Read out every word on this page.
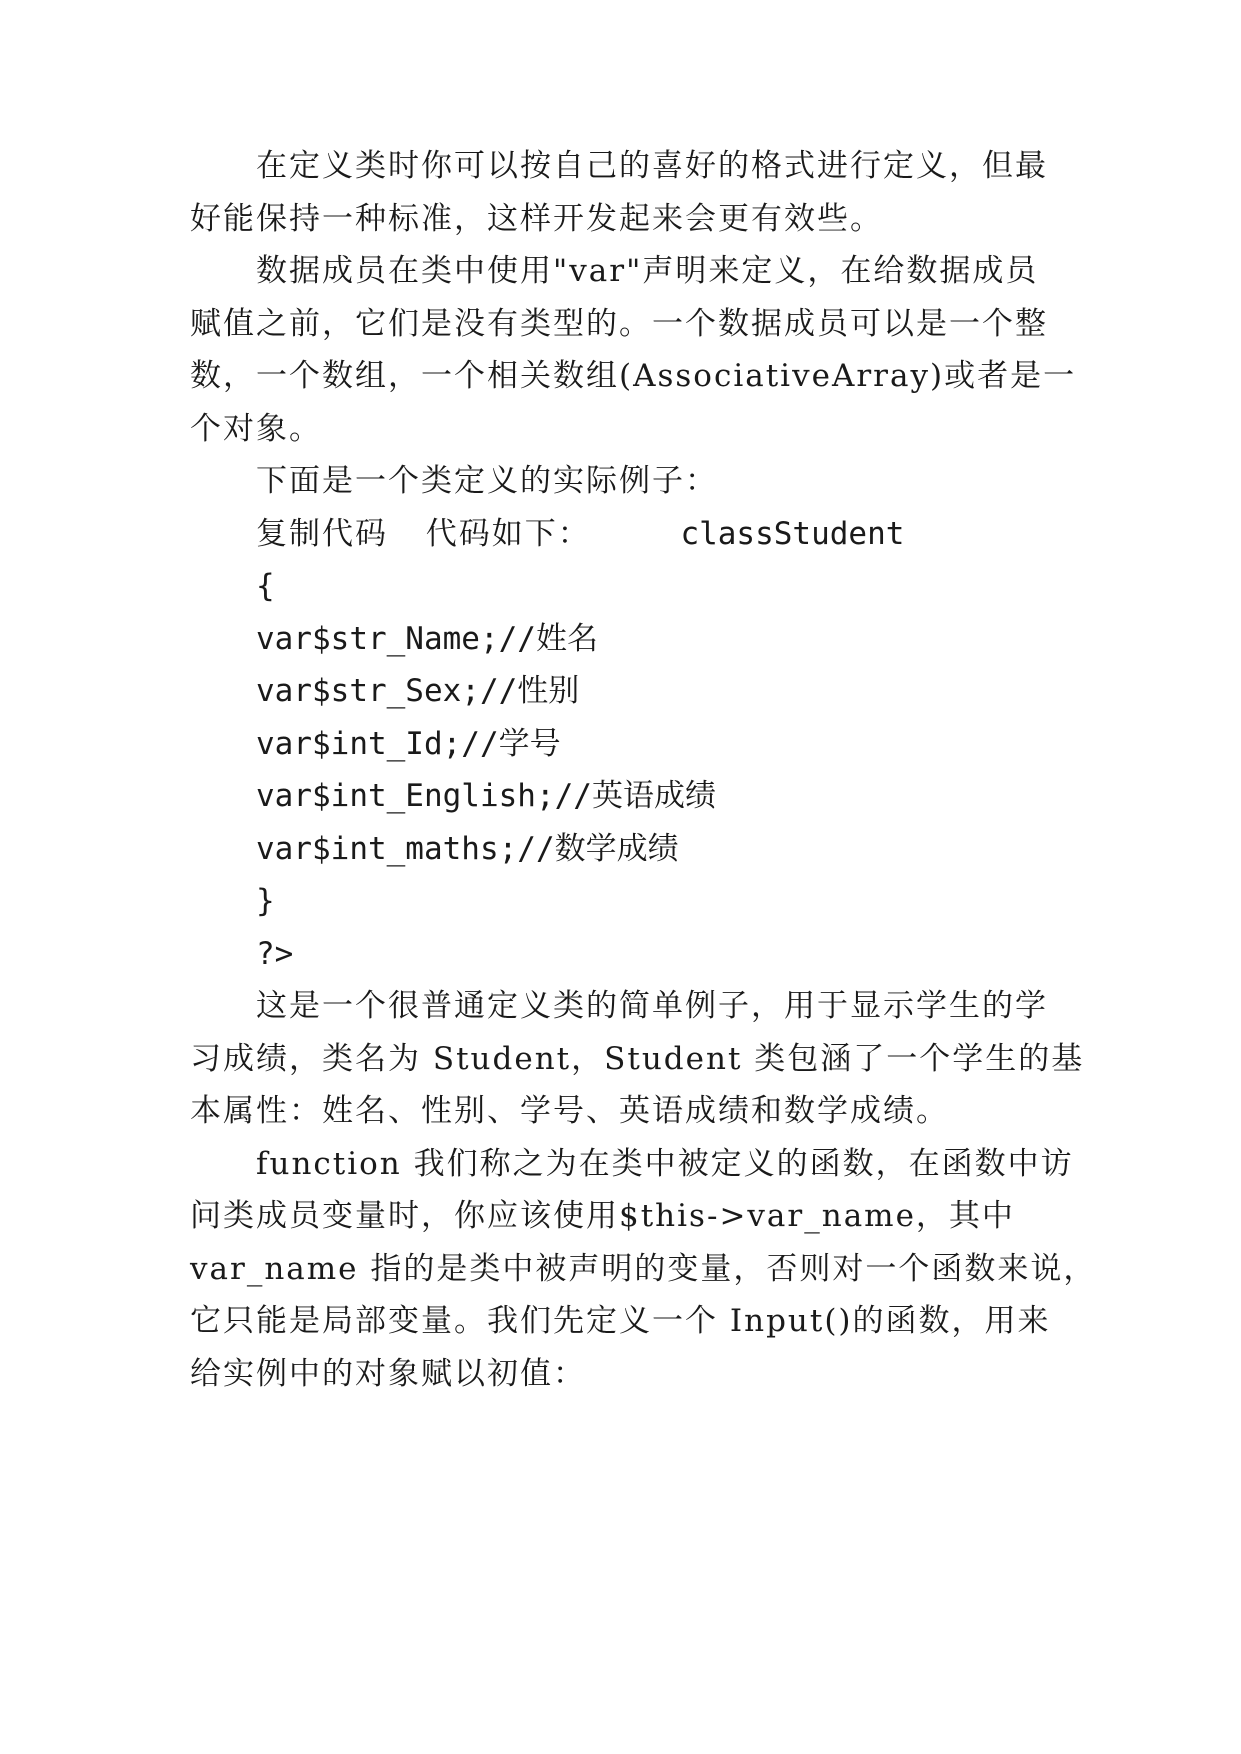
在定义类时你可以按自己的喜好的格式进行定义，但最
好能保持一种标准，这样开发起来会更有效些。
数据成员在类中使用"var"声明来定义，在给数据成员
赋值之前，它们是没有类型的。一个数据成员可以是一个整
数，一个数组，一个相关数组(AssociativeArray)或者是一
个对象。
下面是一个类定义的实际例子：
复制代码 代码如下：	classStudent
{
var$str_Name;//姓名
var$str_Sex;//性别
var$int_Id;//学号
var$int_English;//英语成绩
var$int_maths;//数学成绩
}
?>
这是一个很普通定义类的简单例子，用于显示学生的学
习成绩，类名为 Student，Student 类包涵了一个学生的基
本属性：姓名、性别、学号、英语成绩和数学成绩。
function 我们称之为在类中被定义的函数，在函数中访
问类成员变量时，你应该使用$this->var_name，其中
var_name 指的是类中被声明的变量，否则对一个函数来说，
它只能是局部变量。我们先定义一个 Input()的函数，用来
给实例中的对象赋以初值：
